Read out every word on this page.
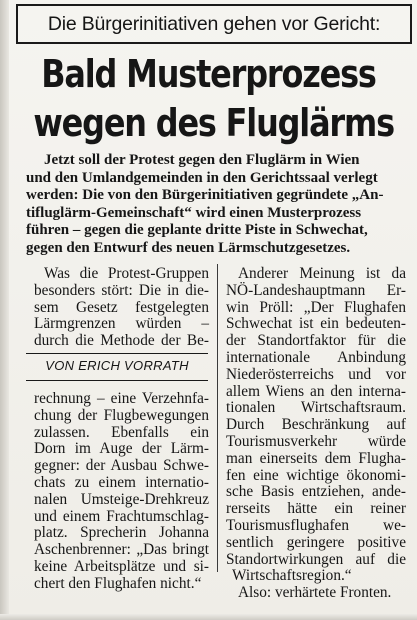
Die Bürgerinitiativen gehen vor Gericht:
Bald Musterprozess
wegen des Fluglärms

Jetzt soll der Protest gegen den Fluglärm in Wien
und den Umlandgemeinden in den Gerichtssaal verlegt
werden: Die von den Bürgerinitiativen gegründete „An-
tifluglärm-Gemeinschaft“ wird einen Musterprozess
führen – gegen die geplante dritte Piste in Schwechat,
gegen den Entwurf des neuen Lärmschutzgesetzes.

Was die Protest-Gruppen
besonders stört: Die in die-
sem Gesetz festgelegten
Lärmgrenzen würden –
durch die Methode der Be-

VON ERICH VORRATH

rechnung – eine Verzehnfa-
chung der Flugbewegungen
zulassen. Ebenfalls ein
Dorn im Auge der Lärm-
gegner: der Ausbau Schwe-
chats zu einem internatio-
nalen Umsteige-Drehkreuz
und einem Frachtumschlag-
platz. Sprecherin Johanna
Aschenbrenner: „Das bringt
keine Arbeitsplätze und si-
chert den Flughafen nicht.“

Anderer Meinung ist da
NÖ-Landeshauptmann Er-
win Pröll: „Der Flughafen
Schwechat ist ein bedeuten-
der Standortfaktor für die
internationale Anbindung
Niederösterreichs und vor
allem Wiens an den interna-
tionalen Wirtschaftsraum.
Durch Beschränkung auf
Tourismusverkehr würde
man einerseits dem Flugha-
fen eine wichtige ökonomi-
sche Basis entziehen, ande-
rerseits hätte ein reiner
Tourismusflughafen we-
sentlich geringere positive
Standortwirkungen auf die
Wirtschaftsregion.“
Also: verhärtete Fronten.
